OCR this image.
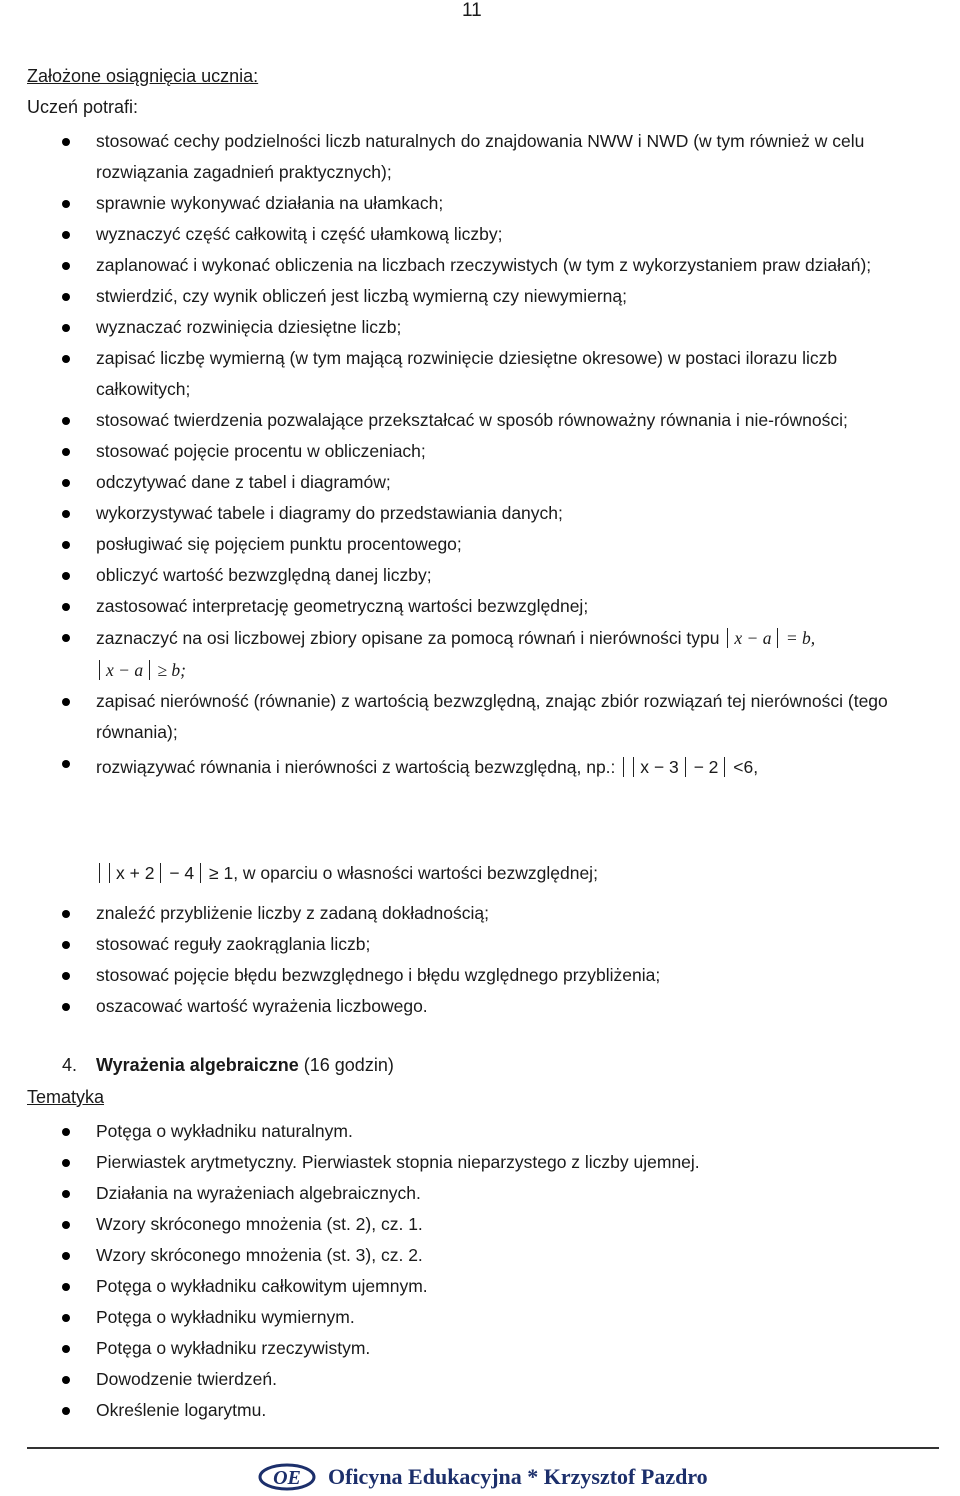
11
Założone osiągnięcia ucznia:
Uczeń potrafi:
stosować cechy podzielności liczb naturalnych do znajdowania NWW i NWD (w tym również w celu rozwiązania zagadnień praktycznych);
sprawnie wykonywać działania na ułamkach;
wyznaczyć część całkowitą i część ułamkową liczby;
zaplanować i wykonać obliczenia na liczbach rzeczywistych (w tym z wykorzystaniem praw działań);
stwierdzić, czy wynik obliczeń jest liczbą wymierną czy niewymierną;
wyznaczać rozwinięcia dziesiętne liczb;
zapisać liczbę wymierną (w tym mającą rozwinięcie dziesiętne okresowe) w postaci ilorazu liczb całkowitych;
stosować twierdzenia pozwalające przekształcać w sposób równoważny równania i nie-równości;
stosować pojęcie procentu w obliczeniach;
odczytywać dane z tabel i diagramów;
wykorzystywać tabele i diagramy do przedstawiania danych;
posługiwać się pojęciem punktu procentowego;
obliczyć wartość bezwzględną danej liczby;
zastosować interpretację geometryczną wartości bezwzględnej;
zaznaczyć na osi liczbowej zbiory opisane za pomocą równań i nierówności typu x − a = b,
x − a ≥ b;
zapisać nierówność (równanie) z wartością bezwzględną, znając zbiór rozwiązań tej nierówności (tego równania);
rozwiązywać równania i nierówności z wartością bezwzględną, np.: x − 3 − 2 <6,
x + 2 − 4 ≥ 1, w oparciu o własności wartości bezwzględnej;
znaleźć przybliżenie liczby z zadaną dokładnością;
stosować reguły zaokrąglania liczb;
stosować pojęcie błędu bezwzględnego i błędu względnego przybliżenia;
oszacować wartość wyrażenia liczbowego.
4. Wyrażenia algebraiczne (16 godzin)
Tematyka
Potęga o wykładniku naturalnym.
Pierwiastek arytmetyczny. Pierwiastek stopnia nieparzystego z liczby ujemnej.
Działania na wyrażeniach algebraicznych.
Wzory skróconego mnożenia (st. 2), cz. 1.
Wzory skróconego mnożenia (st. 3), cz. 2.
Potęga o wykładniku całkowitym ujemnym.
Potęga o wykładniku wymiernym.
Potęga o wykładniku rzeczywistym.
Dowodzenie twierdzeń.
Określenie logarytmu.
OE Oficyna Edukacyjna * Krzysztof Pazdro
